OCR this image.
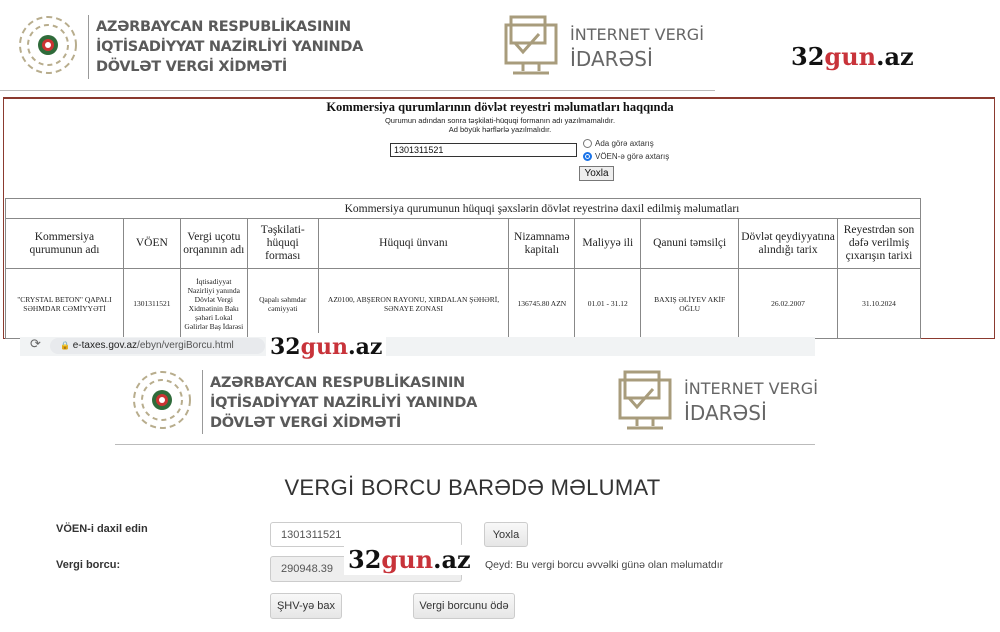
AZƏRBAYCAN RESPUBLİKASININ
İQTİSADİYYAT NAZİRLİYİ YANINDA
DÖVLƏT VERGİ XİDMƏTİ
İNTERNET VERGİ
İDARƏSİ	32gun.az
Kommersiya qurumlarının dövlət reyestri məlumatları haqqında
Qurumun adından sonra təşkilati-hüquqi formanın adı yazılmamalıdır.
Ad böyük hərflərlə yazılmalıdır.
1301311521
Ada görə axtarış
VÖEN-ə görə axtarış
Yoxla
Kommersiya qurumunun hüquqi şəxslərin dövlət reyestrinə daxil edilmiş məlumatları									
Kommersiya qurumunun adı	VÖEN	Vergi uçotu orqanının adı	Təşkilati-hüquqi forması	Hüquqi ünvanı	Nizamnamə kapitalı	Maliyyə ili	Qanuni təmsilçi	Dövlət qeydiyyatına alındığı tarix	Reyestrdən son dəfə verilmiş çıxarışın tarixi
"CRYSTAL BETON" QAPALI SƏHMDAR CƏMİYYƏTİ	1301311521	İqtisadiyyat Nazirliyi yanında Dövlət Vergi Xidmətinin Bakı şəhəri Lokal Gəlirlər Baş İdarəsi	Qapalı səhmdar cəmiyyəti	AZ0100, ABŞERON RAYONU, XIRDALAN ŞƏHƏRİ, SƏNAYE ZONASI	136745.80 AZN	01.01 - 31.12	BAXIŞ ƏLİYEV AKİF OĞLU	26.02.2007	31.10.2024
⟳	🔒 e-taxes.gov.az/ebyn/vergiBorcu.html	32gun.az
AZƏRBAYCAN RESPUBLİKASININ
İQTİSADİYYAT NAZİRLİYİ YANINDA
DÖVLƏT VERGİ XİDMƏTİ
İNTERNET VERGİ
İDARƏSİ
VERGİ BORCU BARƏDƏ MƏLUMAT
VÖEN-i daxil edin	1301311521	Yoxla
Vergi borcu:	290948.39 32gun.az	Qeyd: Bu vergi borcu əvvəlki günə olan məlumatdır
ŞHV-yə bax	Vergi borcunu ödə
